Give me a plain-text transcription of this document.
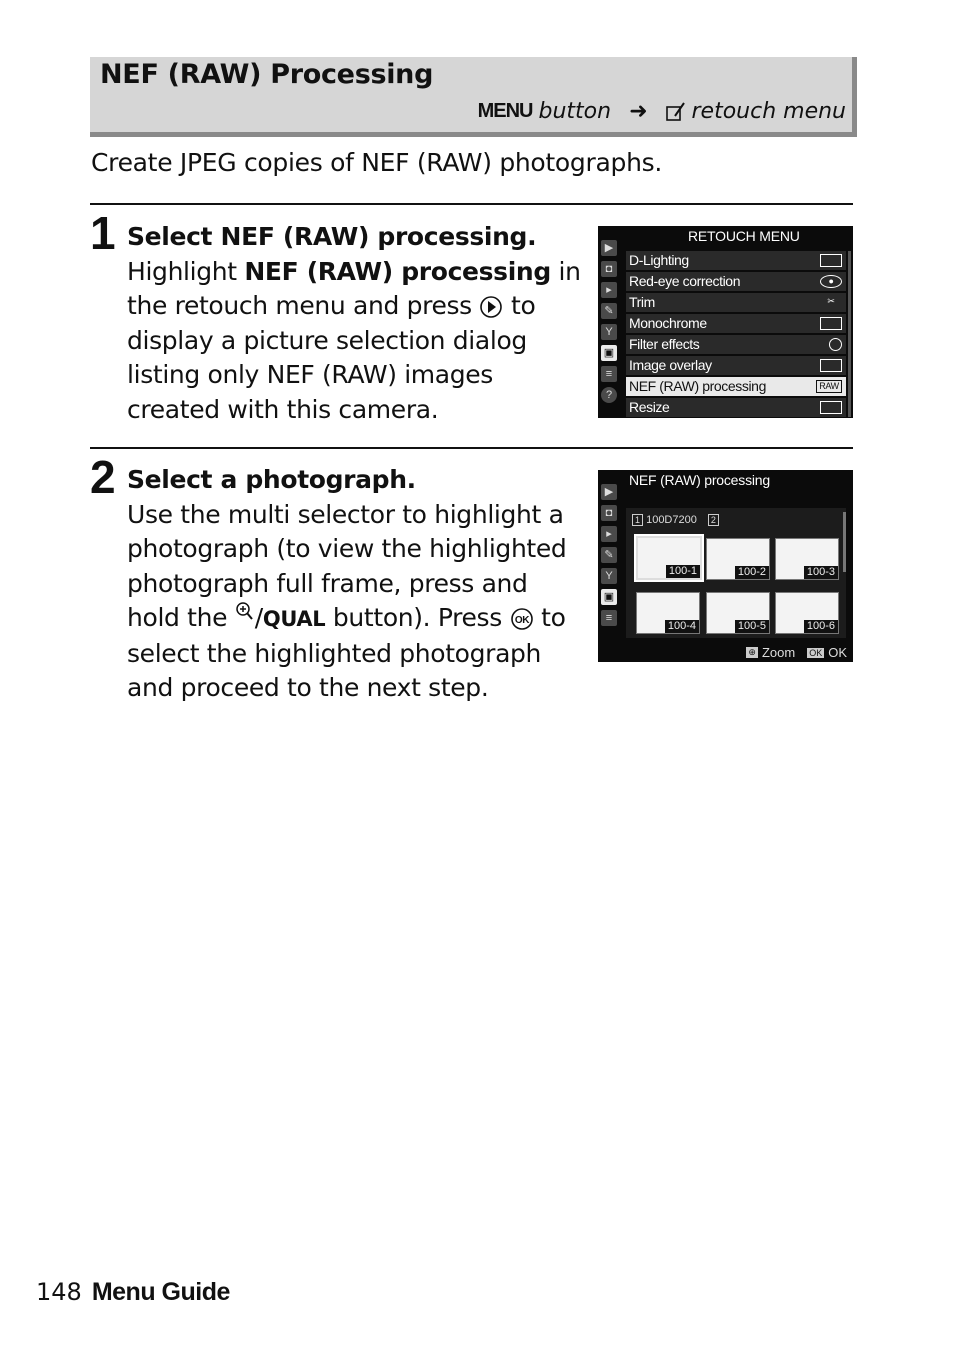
NEF (RAW) Processing
MENU button ➜ retouch menu
Create JPEG copies of NEF (RAW) photographs.
1 Select NEF (RAW) processing.
Highlight NEF (RAW) processing in the retouch menu and press  to display a picture selection dialog listing only NEF (RAW) images created with this camera.
RETOUCH MENU
▶
◘
▸
✎
Y
▣
≡
?
D-Lighting
Red-eye correction	●
Trim	✂
Monochrome
Filter effects
Image overlay
NEF (RAW) processing	RAW
Resize
2 Select a photograph.
Use the multi selector to highlight a photograph (to view the highlighted photograph full frame, press and hold the /QUAL button). Press OK to select the highlighted photograph and proceed to the next step.
NEF (RAW) processing
▶
◘
▸
✎
Y
▣
≡
1 100D7200 2
100-1	100-2	100-3
100-4	100-5	100-6
⊕ Zoom OK OK
148 Menu Guide
